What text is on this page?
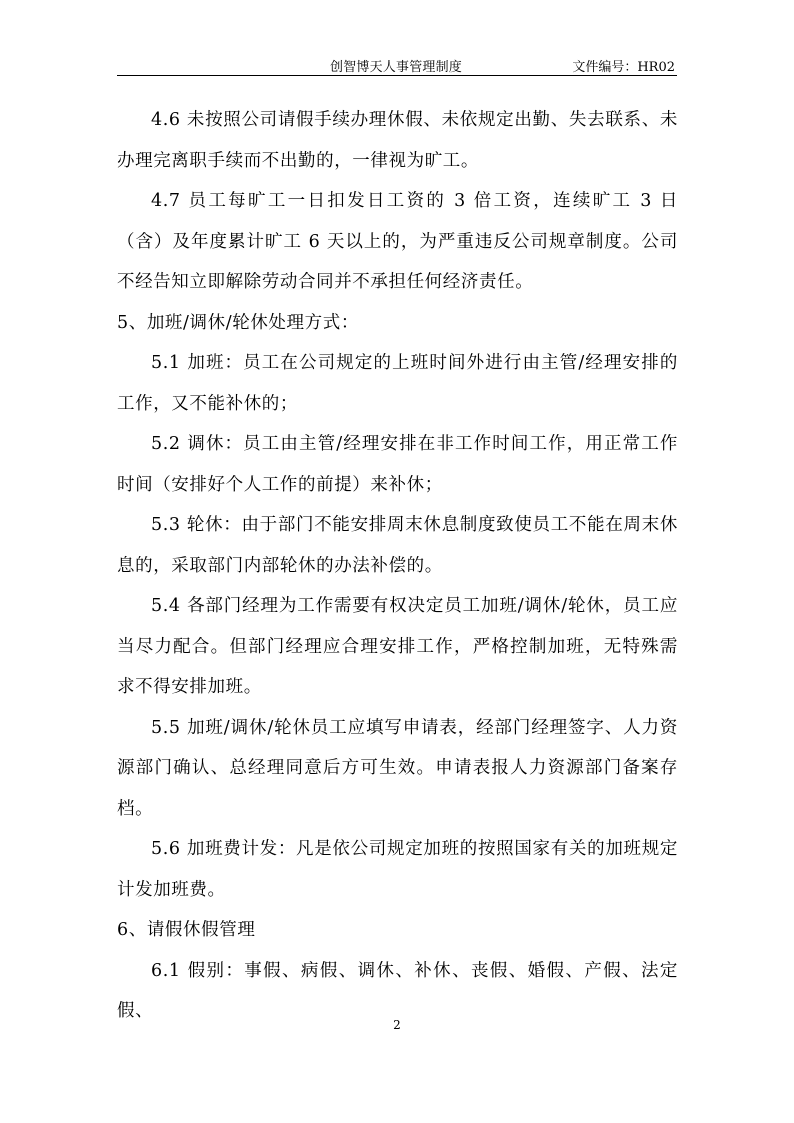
创智博天人事管理制度	文件编号：HR02

4.6 未按照公司请假手续办理休假、未依规定出勤、失去联系、未办理完离职手续而不出勤的，一律视为旷工。

4.7 员工每旷工一日扣发日工资的 3 倍工资，连续旷工 3 日（含）及年度累计旷工 6 天以上的，为严重违反公司规章制度。公司不经告知立即解除劳动合同并不承担任何经济责任。

5、加班/调休/轮休处理方式：

5.1 加班：员工在公司规定的上班时间外进行由主管/经理安排的工作，又不能补休的；

5.2 调休：员工由主管/经理安排在非工作时间工作，用正常工作时间（安排好个人工作的前提）来补休；

5.3 轮休：由于部门不能安排周末休息制度致使员工不能在周末休息的，采取部门内部轮休的办法补偿的。

5.4 各部门经理为工作需要有权决定员工加班/调休/轮休，员工应当尽力配合。但部门经理应合理安排工作，严格控制加班，无特殊需求不得安排加班。

5.5 加班/调休/轮休员工应填写申请表，经部门经理签字、人力资源部门确认、总经理同意后方可生效。申请表报人力资源部门备案存档。

5.6 加班费计发：凡是依公司规定加班的按照国家有关的加班规定计发加班费。

6、请假休假管理

6.1 假别：事假、病假、调休、补休、丧假、婚假、产假、法定假、

2
